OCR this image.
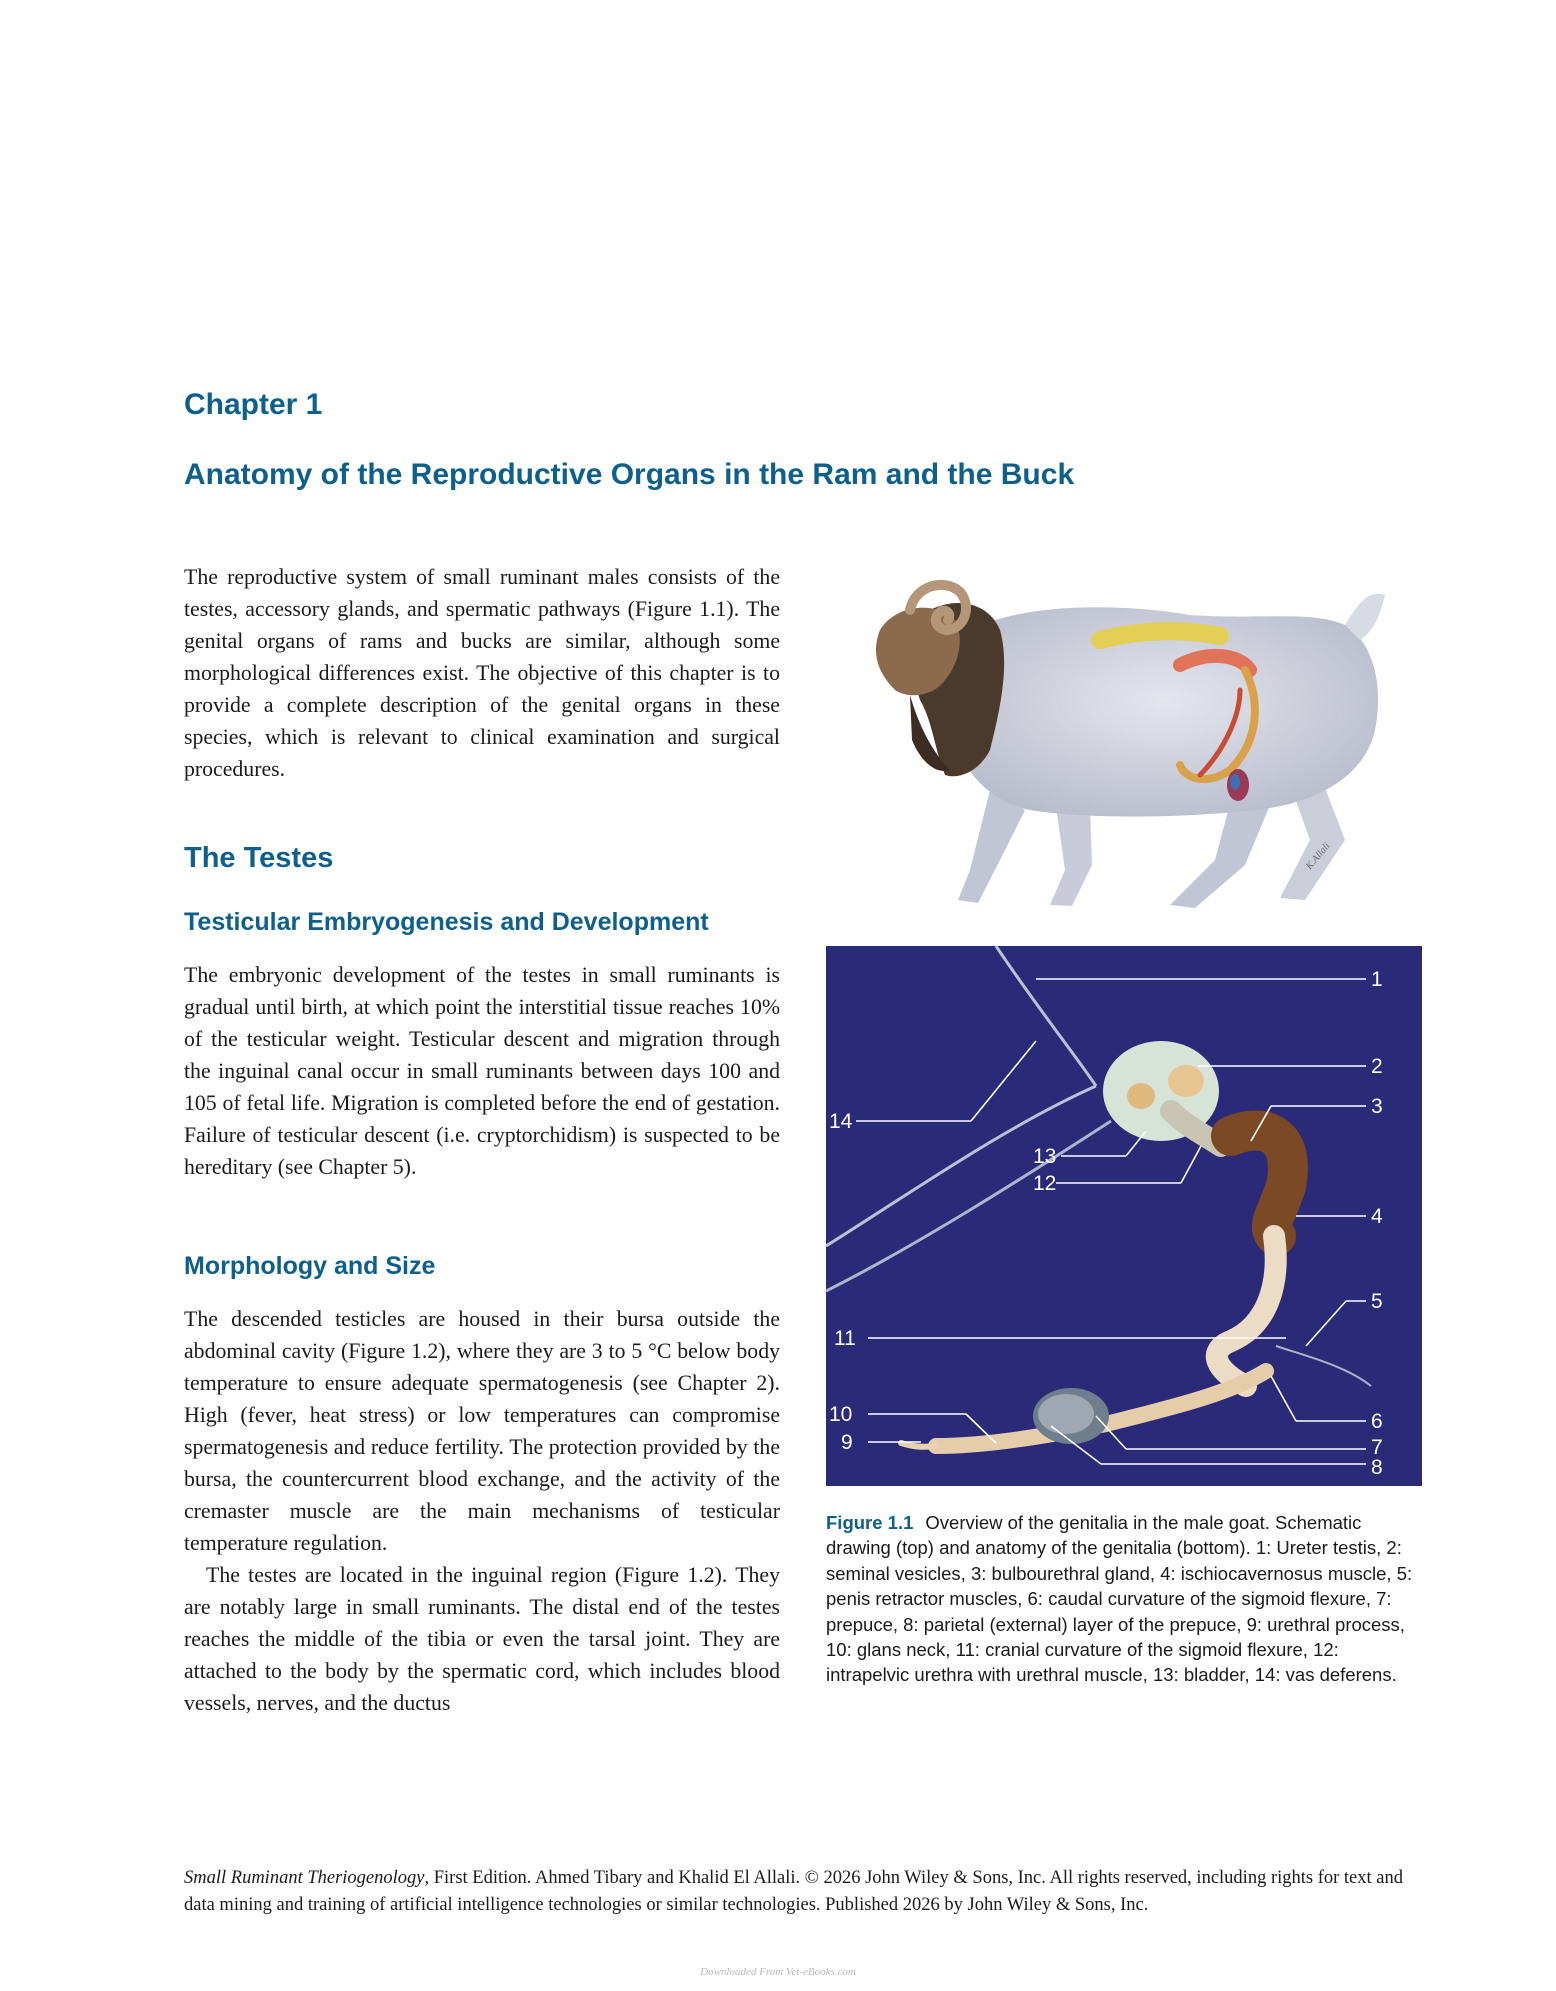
Chapter 1
Anatomy of the Reproductive Organs in the Ram and the Buck

The reproductive system of small ruminant males consists of the testes, accessory glands, and spermatic pathways (Figure 1.1). The genital organs of rams and bucks are similar, although some morphological differences exist. The objective of this chapter is to provide a complete description of the genital organs in these species, which is relevant to clinical examination and surgical procedures.

The Testes
Testicular Embryogenesis and Development

The embryonic development of the testes in small ruminants is gradual until birth, at which point the interstitial tissue reaches 10% of the testicular weight. Testicular descent and migration through the inguinal canal occur in small ruminants between days 100 and 105 of fetal life. Migration is completed before the end of gestation. Failure of testicular descent (i.e. cryptorchidism) is suspected to be hereditary (see Chapter 5).

Morphology and Size

The descended testicles are housed in their bursa outside the abdominal cavity (Figure 1.2), where they are 3 to 5 °C below body temperature to ensure adequate spermatogenesis (see Chapter 2). High (fever, heat stress) or low temperatures can compromise spermatogenesis and reduce fertility. The protection provided by the bursa, the countercurrent blood exchange, and the activity of the cremaster muscle are the main mechanisms of testicular temperature regulation.

The testes are located in the inguinal region (Figure 1.2). They are notably large in small ruminants. The distal end of the testes reaches the middle of the tibia or even the tarsal joint. They are attached to the body by the spermatic cord, which includes blood vessels, nerves, and the ductus

K.Allali
1
2
3
4
5
6
7
8
9
10
11
12
13
14

Figure 1.1 Overview of the genitalia in the male goat. Schematic drawing (top) and anatomy of the genitalia (bottom). 1: Ureter testis, 2: seminal vesicles, 3: bulbourethral gland, 4: ischiocavernosus muscle, 5: penis retractor muscles, 6: caudal curvature of the sigmoid flexure, 7: prepuce, 8: parietal (external) layer of the prepuce, 9: urethral process, 10: glans neck, 11: cranial curvature of the sigmoid flexure, 12: intrapelvic urethra with urethral muscle, 13: bladder, 14: vas deferens.

Small Ruminant Theriogenology, First Edition. Ahmed Tibary and Khalid El Allali. © 2026 John Wiley & Sons, Inc. All rights reserved, including rights for text and data mining and training of artificial intelligence technologies or similar technologies. Published 2026 by John Wiley & Sons, Inc.

Downloaded From Vet-eBooks.com
